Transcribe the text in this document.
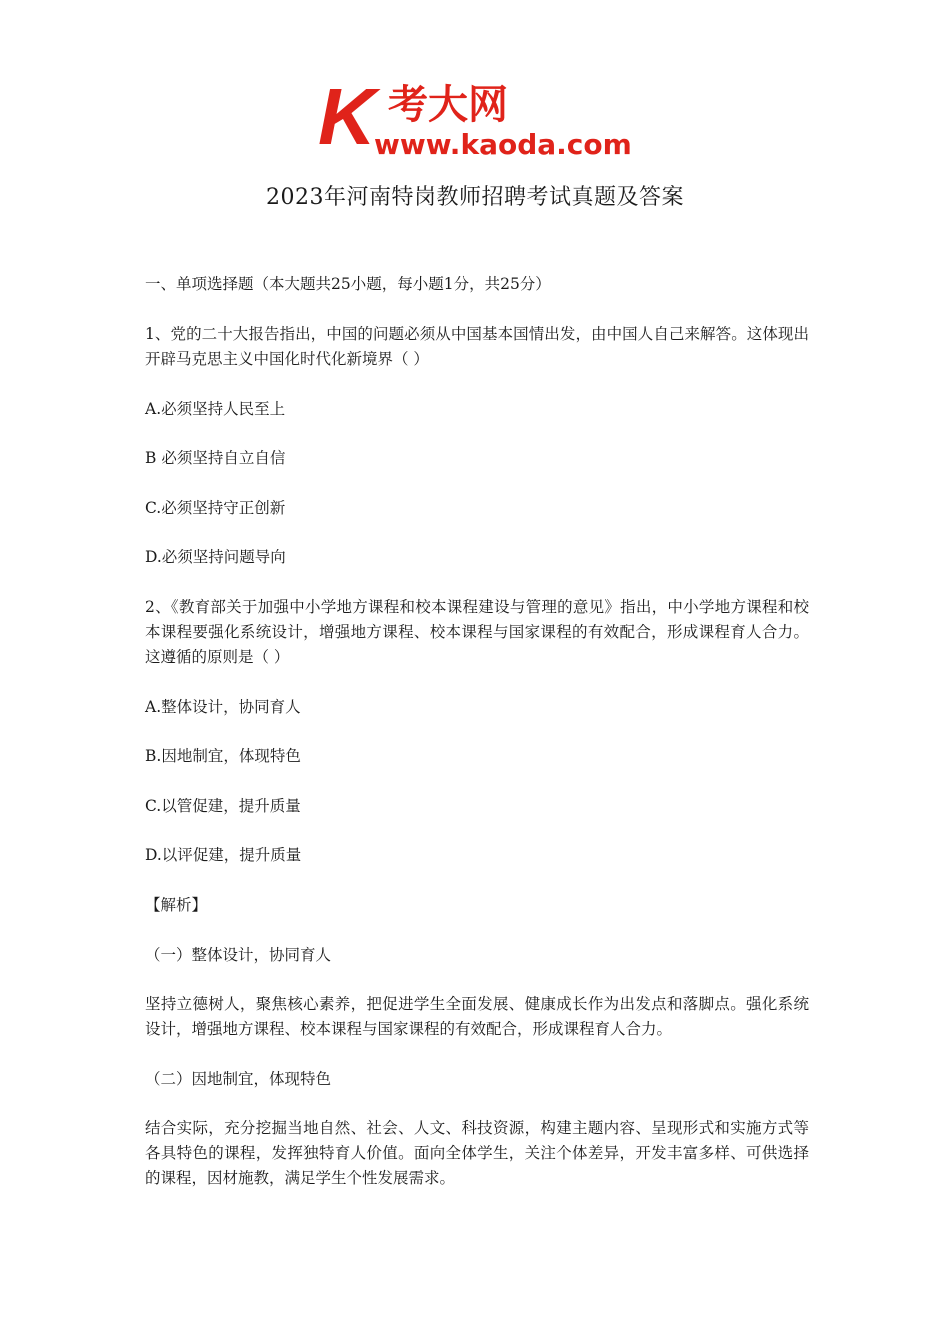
K 考大网
www.kaoda.com
2023年河南特岗教师招聘考试真题及答案

一、单项选择题（本大题共25小题，每小题1分，共25分）

1、党的二十大报告指出，中国的问题必须从中国基本国情出发，由中国人自己来解答。这体现出开辟马克思主义中国化时代化新境界（ ）

A.必须坚持人民至上

B 必须坚持自立自信

C.必须坚持守正创新

D.必须坚持问题导向

2、《教育部关于加强中小学地方课程和校本课程建设与管理的意见》指出，中小学地方课程和校本课程要强化系统设计，增强地方课程、校本课程与国家课程的有效配合，形成课程育人合力。这遵循的原则是（ ）

A.整体设计，协同育人

B.因地制宜，体现特色

C.以管促建，提升质量

D.以评促建，提升质量

【解析】

（一）整体设计，协同育人

坚持立德树人，聚焦核心素养，把促进学生全面发展、健康成长作为出发点和落脚点。强化系统设计，增强地方课程、校本课程与国家课程的有效配合，形成课程育人合力。

（二）因地制宜，体现特色

结合实际，充分挖掘当地自然、社会、人文、科技资源，构建主题内容、呈现形式和实施方式等各具特色的课程，发挥独特育人价值。面向全体学生，关注个体差异，开发丰富多样、可供选择的课程，因材施教，满足学生个性发展需求。
